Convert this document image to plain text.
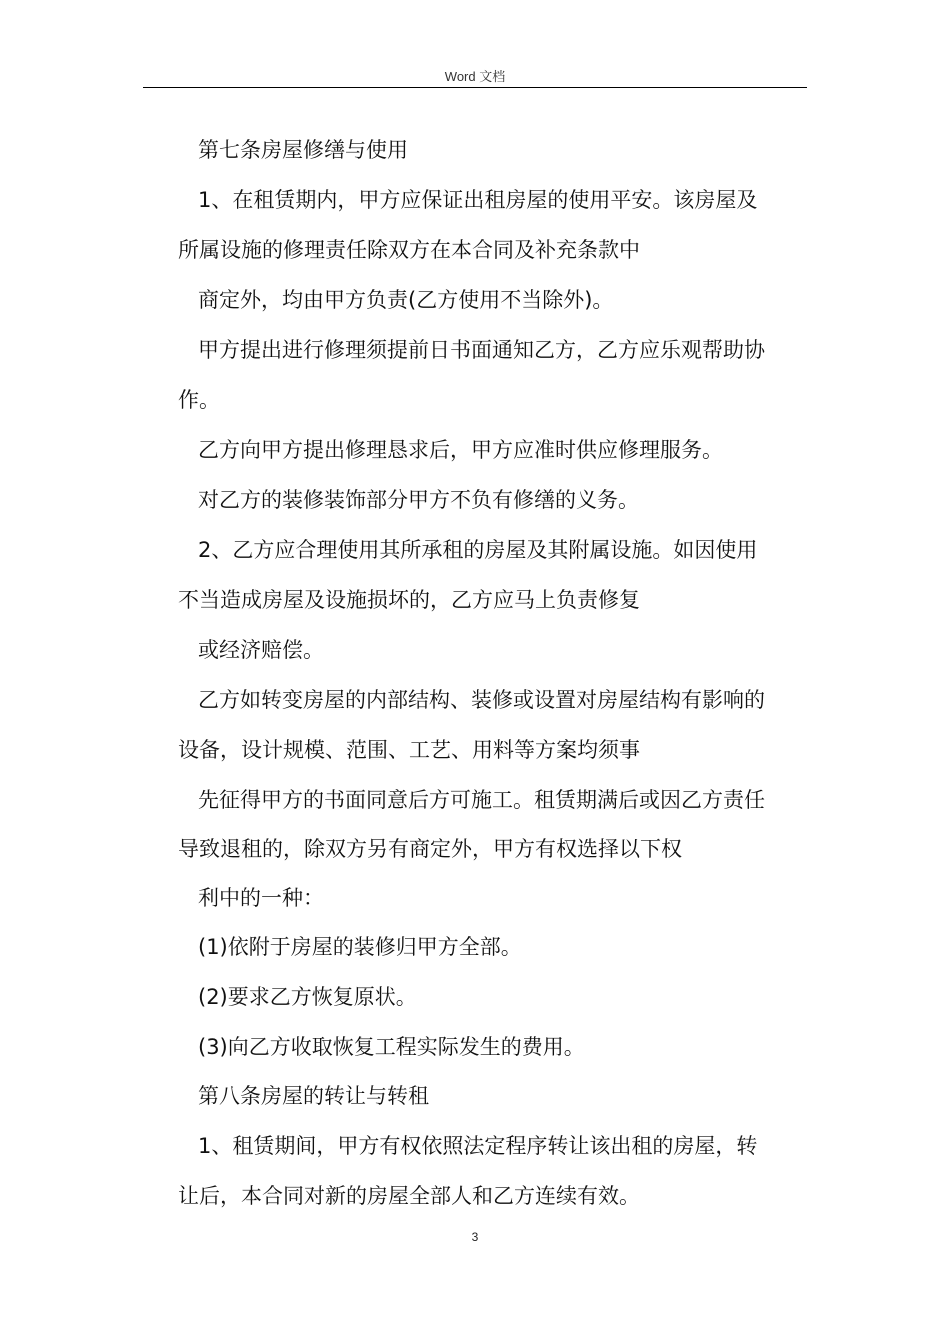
Word 文档
第七条房屋修缮与使用
1、在租赁期内，甲方应保证出租房屋的使用平安。该房屋及
所属设施的修理责任除双方在本合同及补充条款中
商定外，均由甲方负责(乙方使用不当除外)。
甲方提出进行修理须提前日书面通知乙方，乙方应乐观帮助协
作。
乙方向甲方提出修理恳求后，甲方应准时供应修理服务。
对乙方的装修装饰部分甲方不负有修缮的义务。
2、乙方应合理使用其所承租的房屋及其附属设施。如因使用
不当造成房屋及设施损坏的，乙方应马上负责修复
或经济赔偿。
乙方如转变房屋的内部结构、装修或设置对房屋结构有影响的
设备，设计规模、范围、工艺、用料等方案均须事
先征得甲方的书面同意后方可施工。租赁期满后或因乙方责任
导致退租的，除双方另有商定外，甲方有权选择以下权
利中的一种：
(1)依附于房屋的装修归甲方全部。
(2)要求乙方恢复原状。
(3)向乙方收取恢复工程实际发生的费用。
第八条房屋的转让与转租
1、租赁期间，甲方有权依照法定程序转让该出租的房屋，转
让后，本合同对新的房屋全部人和乙方连续有效。
3
